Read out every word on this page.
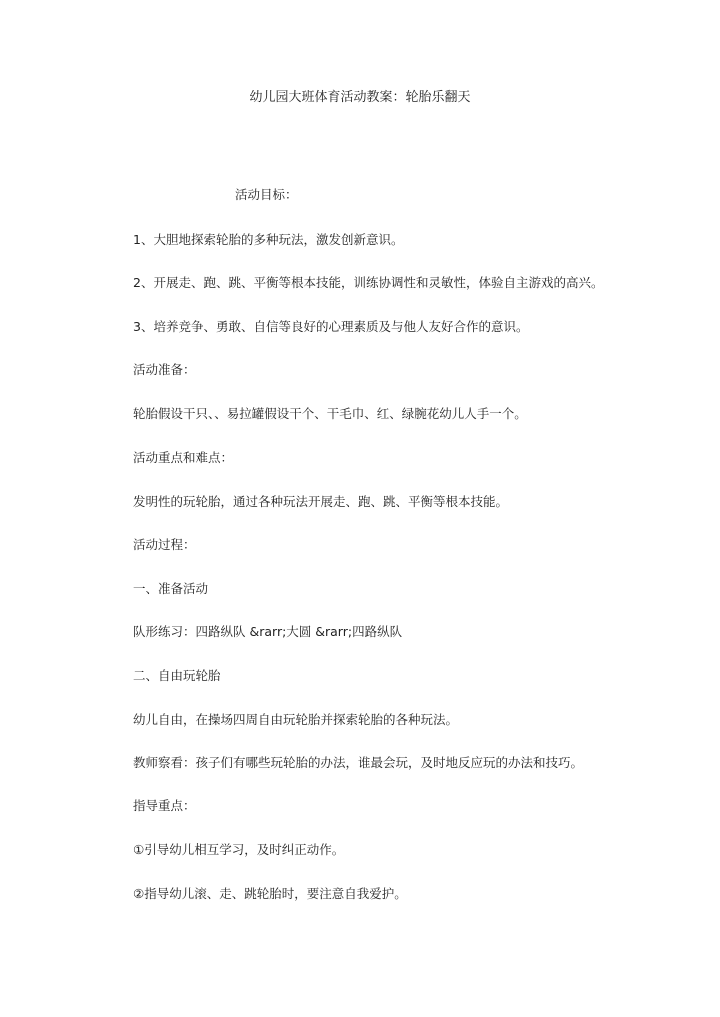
幼儿园大班体育活动教案：轮胎乐翻天
活动目标：
1、大胆地探索轮胎的多种玩法，激发创新意识。
2、开展走、跑、跳、平衡等根本技能，训练协调性和灵敏性，体验自主游戏的高兴。
3、培养竞争、勇敢、自信等良好的心理素质及与他人友好合作的意识。
活动准备：
轮胎假设干只、、易拉罐假设干个、干毛巾、红、绿腕花幼儿人手一个。
活动重点和难点：
发明性的玩轮胎，通过各种玩法开展走、跑、跳、平衡等根本技能。
活动过程：
一、准备活动
队形练习：四路纵队 &rarr;大圆 &rarr;四路纵队
二、自由玩轮胎
幼儿自由，在操场四周自由玩轮胎并探索轮胎的各种玩法。
教师察看：孩子们有哪些玩轮胎的办法，谁最会玩，及时地反应玩的办法和技巧。
指导重点：
①引导幼儿相互学习，及时纠正动作。
②指导幼儿滚、走、跳轮胎时，要注意自我爱护。
